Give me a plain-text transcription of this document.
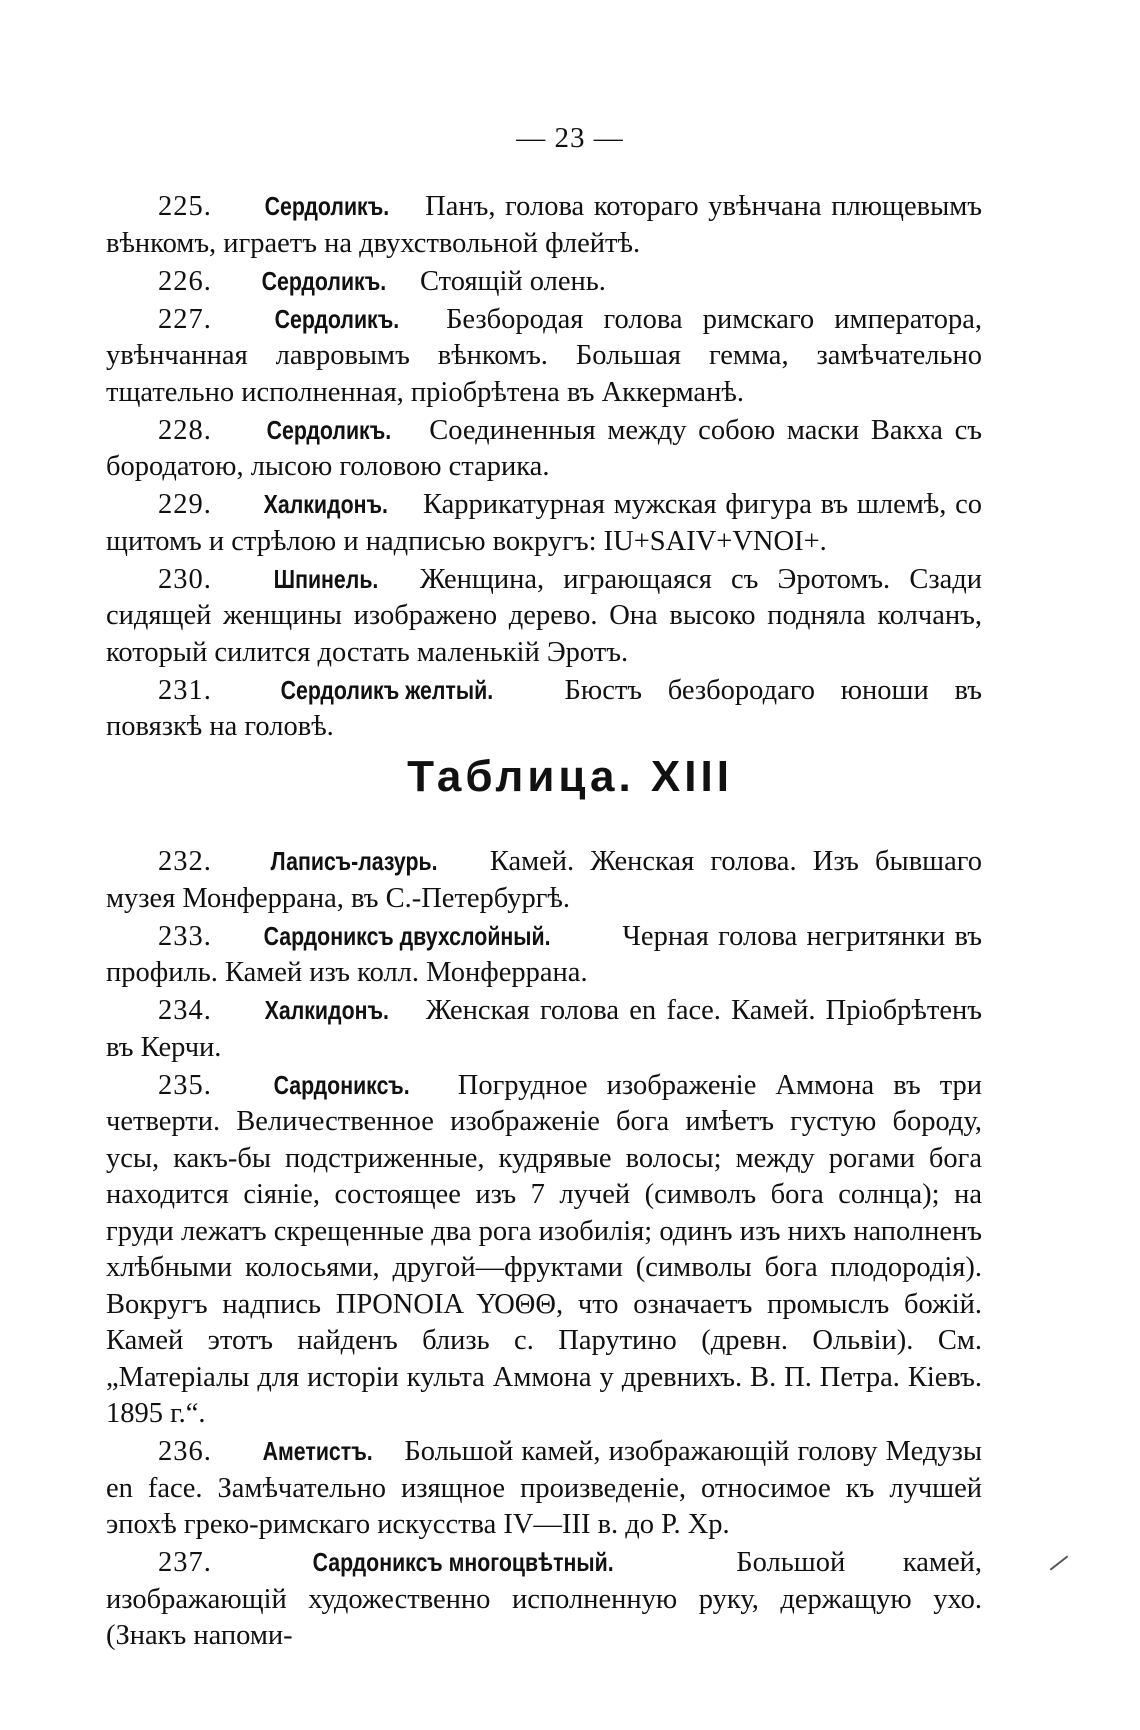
— 23 —

225. Сердоликъ. Панъ, голова котораго увѣнчана плющевымъ вѣнкомъ, играетъ на двухствольной флейтѣ.

226. Сердоликъ. Стоящій олень.

227. Сердоликъ. Безбородая голова римскаго императора, увѣнчанная лавровымъ вѣнкомъ. Большая гемма, замѣчательно тщательно исполненная, пріобрѣтена въ Аккерманѣ.

228. Сердоликъ. Соединенныя между собою маски Вакха съ бородатою, лысою головою старика.

229. Халкидонъ. Каррикатурная мужская фигура въ шлемѣ, со щитомъ и стрѣлою и надписью вокругъ: IU+SAIV+VNOI+.

230. Шпинель. Женщина, играющаяся съ Эротомъ. Сзади сидящей женщины изображено дерево. Она высоко подняла колчанъ, который силится достать маленькій Эротъ.

231.	Сердоликъ желтый.	Бюстъ безбородаго юноши въ повязкѣ на головѣ.

Таблица. XIII

232. Лаписъ-лазурь. Камей. Женская голова. Изъ бывшаго музея Монферрана, въ С.-Петербургѣ.

233. Сардониксъ двухслойный.	Черная голова негритянки въ профиль. Камей изъ колл. Монферрана.

234. Халкидонъ. Женская голова en face. Камей. Пріобрѣтенъ въ Керчи.

235. Сардониксъ. Погрудное изображеніе Аммона въ три четверти. Величественное изображеніе бога имѣетъ густую бороду, усы, какъ-бы подстриженные, кудрявые волосы; между рогами бога находится сіяніе, состоящее изъ 7 лучей (символъ бога солнца); на груди лежатъ скрещенные два рога изобилія; одинъ изъ нихъ наполненъ хлѣбными колосьями, другой—фруктами (символы бога плодородія). Вокругъ надпись ΠΡΟΝΟΙΑ ΥΟΘΘ, что означаетъ промыслъ божій. Камей этотъ найденъ близь с. Парутино (древн. Ольвіи). См. „Матеріалы для исторіи культа Аммона у древнихъ. В. П. Петра. Кіевъ. 1895 г.“.

236. Аметистъ. Большой камей, изображающій голову Медузы en face. Замѣчательно изящное произведеніе, относимое къ лучшей эпохѣ греко-римскаго искусства IV—III в. до Р. Хр.

237.	Сардониксъ многоцвѣтный.	Большой камей, изображающій художественно исполненную руку, держащую ухо. (Знакъ напоми-
